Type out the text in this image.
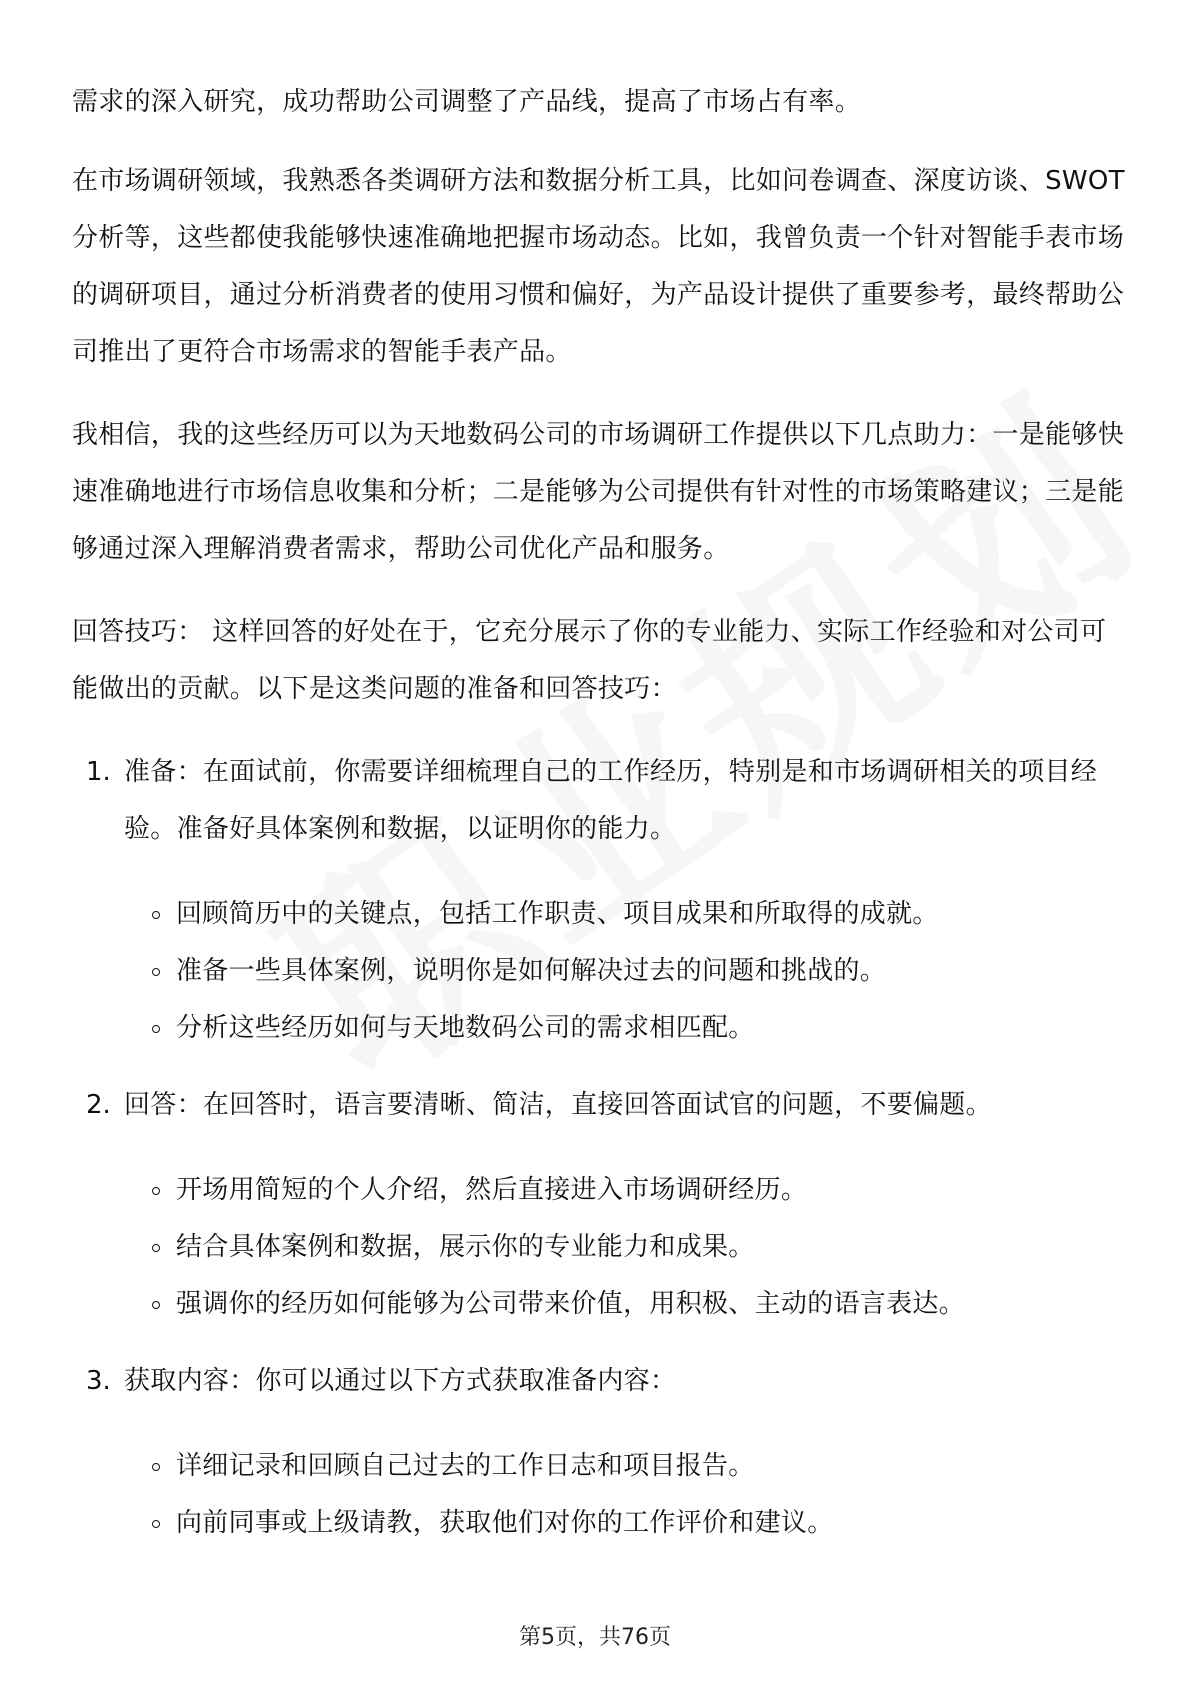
需求的深入研究，成功帮助公司调整了产品线，提高了市场占有率。

在市场调研领域，我熟悉各类调研方法和数据分析工具，比如问卷调查、深度访谈、SWOT分析等，这些都使我能够快速准确地把握市场动态。比如，我曾负责一个针对智能手表市场的调研项目，通过分析消费者的使用习惯和偏好，为产品设计提供了重要参考，最终帮助公司推出了更符合市场需求的智能手表产品。

我相信，我的这些经历可以为天地数码公司的市场调研工作提供以下几点助力：一是能够快速准确地进行市场信息收集和分析；二是能够为公司提供有针对性的市场策略建议；三是能够通过深入理解消费者需求，帮助公司优化产品和服务。

回答技巧： 这样回答的好处在于，它充分展示了你的专业能力、实际工作经验和对公司可能做出的贡献。以下是这类问题的准备和回答技巧：

1. 准备：在面试前，你需要详细梳理自己的工作经历，特别是和市场调研相关的项目经验。准备好具体案例和数据，以证明你的能力。
回顾简历中的关键点，包括工作职责、项目成果和所取得的成就。
准备一些具体案例，说明你是如何解决过去的问题和挑战的。
分析这些经历如何与天地数码公司的需求相匹配。
2. 回答：在回答时，语言要清晰、简洁，直接回答面试官的问题，不要偏题。
开场用简短的个人介绍，然后直接进入市场调研经历。
结合具体案例和数据，展示你的专业能力和成果。
强调你的经历如何能够为公司带来价值，用积极、主动的语言表达。
3. 获取内容：你可以通过以下方式获取准备内容：
详细记录和回顾自己过去的工作日志和项目报告。
向前同事或上级请教，获取他们对你的工作评价和建议。
第5页，共76页
